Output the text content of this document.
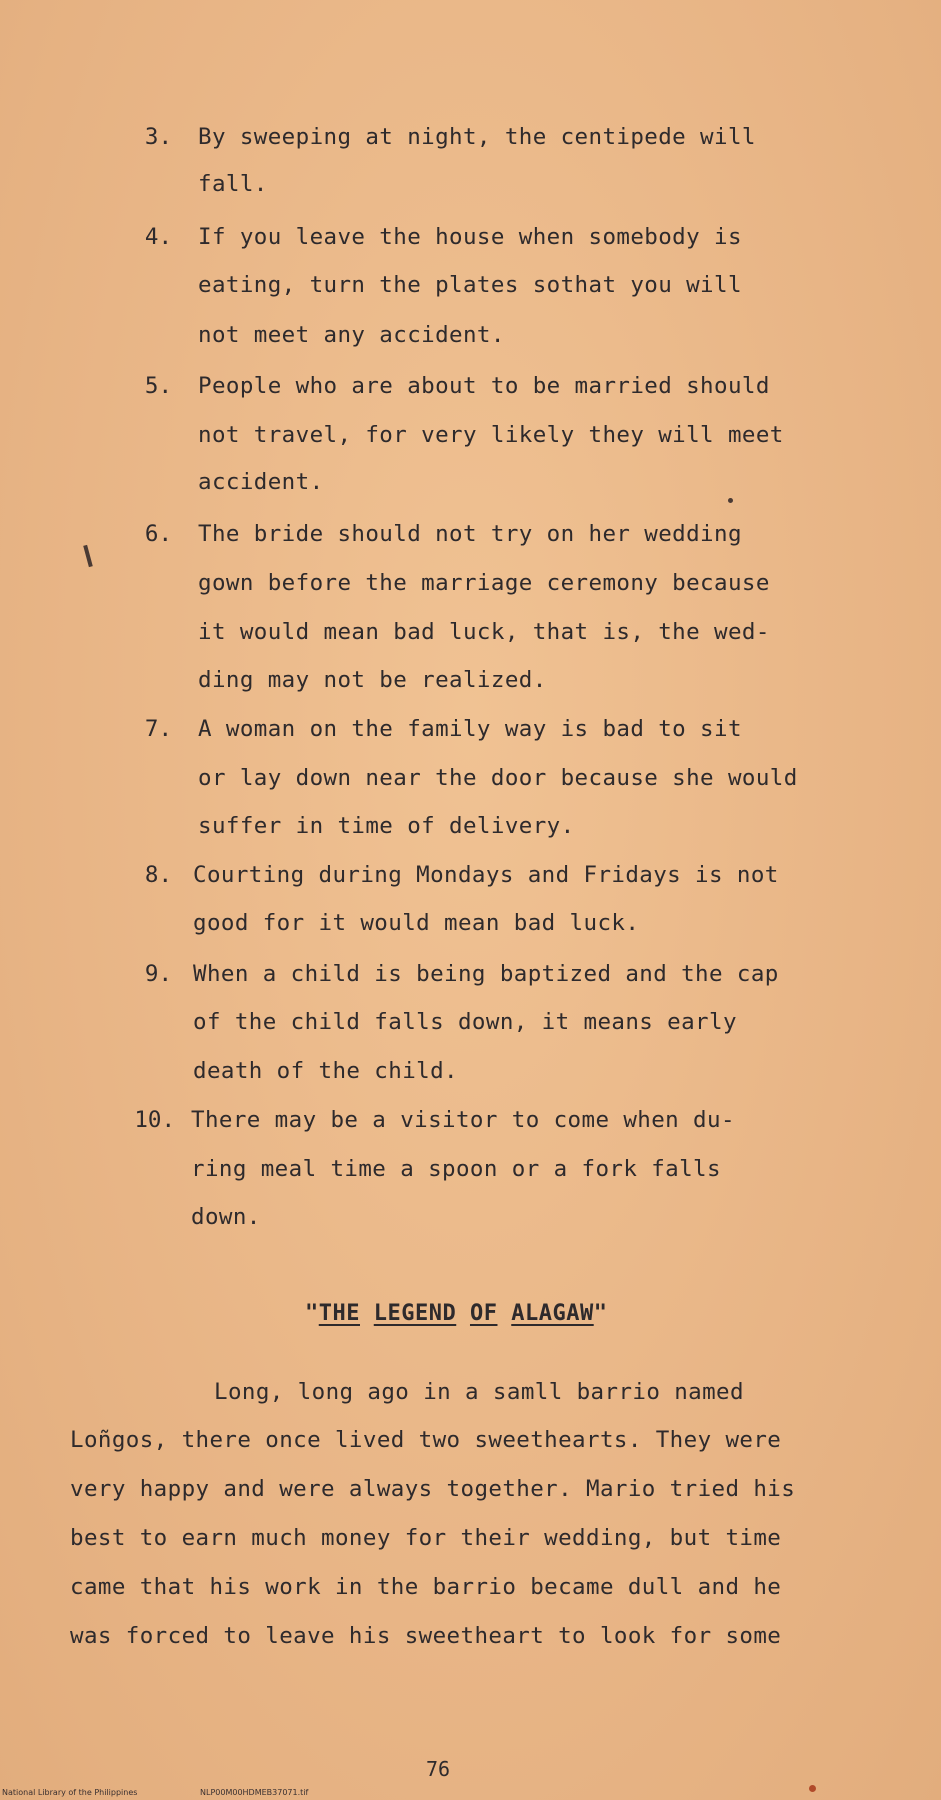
3. By sweeping at night, the centipede will
fall.
4. If you leave the house when somebody is
eating, turn the plates sothat you will
not meet any accident.
5. People who are about to be married should
not travel, for very likely they will meet
accident.
6. The bride should not try on her wedding
gown before the marriage ceremony because
it would mean bad luck, that is, the wed-
ding may not be realized.
7. A woman on the family way is bad to sit
or lay down near the door because she would
suffer in time of delivery.
8. Courting during Mondays and Fridays is not
good for it would mean bad luck.
9. When a child is being baptized and the cap
of the child falls down, it means early
death of the child.
10. There may be a visitor to come when du-
ring meal time a spoon or a fork falls
down.
"THE LEGEND OF ALAGAW"
Long, long ago in a samll barrio named
Loñgos, there once lived two sweethearts. They were
very happy and were always together. Mario tried his
best to earn much money for their wedding, but time
came that his work in the barrio became dull and he
was forced to leave his sweetheart to look for some
76
National Library of the Philippines	NLP00M00HDMEB37071.tif
